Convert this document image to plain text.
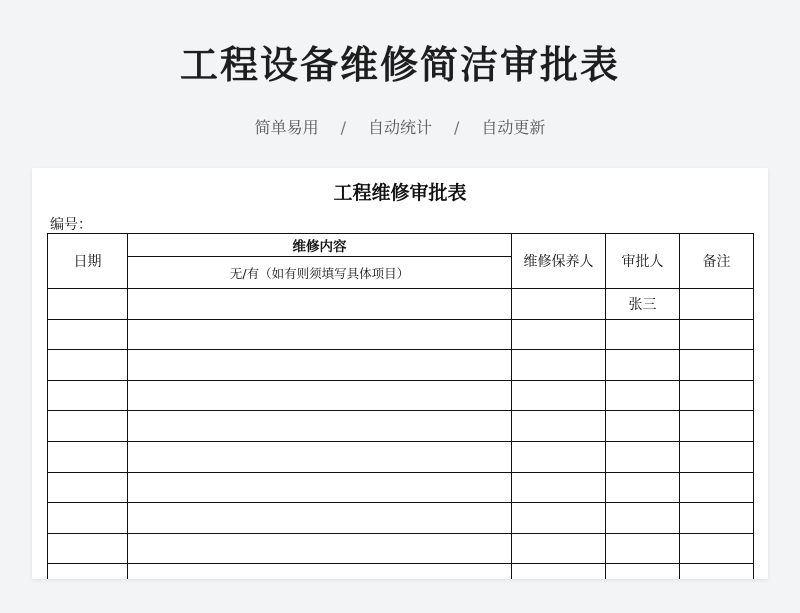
工程设备维修简洁审批表
简单易用 / 自动统计 / 自动更新
工程维修审批表
编号：
日期	维修内容	维修保养人	审批人	备注
	无/有（如有则须填写具体项目）			
			张三	
